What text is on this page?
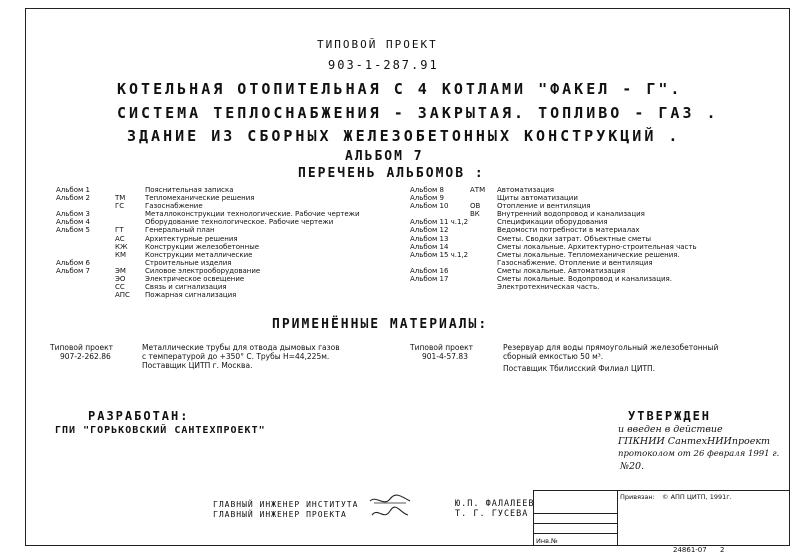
ТИПОВОЙ ПРОЕКТ
903-1-287.91
КОТЕЛЬНАЯ ОТОПИТЕЛЬНАЯ С 4 КОТЛАМИ "ФАКЕЛ - Г".
СИСТЕМА ТЕПЛОСНАБЖЕНИЯ - ЗАКРЫТАЯ. ТОПЛИВО - ГАЗ .
ЗДАНИЕ ИЗ СБОРНЫХ ЖЕЛЕЗОБЕТОННЫХ КОНСТРУКЦИЙ .
АЛЬБОМ 7
ПЕРЕЧЕНЬ АЛЬБОМОВ :
Альбом 1
Альбом 2
Альбом 3
Альбом 4
Альбом 5
Альбом 6
Альбом 7
ТМ
ГС
ГТ
АС
КЖ
КМ
ЭМ
ЭО
СС
АПС
Пояснительная записка
Тепломеханические решения
Газоснабжение
Металлоконструкции технологические. Рабочие чертежи
Оборудование технологическое. Рабочие чертежи
Генеральный план
Архитектурные решения
Конструкции железобетонные
Конструкции металлические
Строительные изделия
Силовое электрооборудование
Электрическое освещение
Связь и сигнализация
Пожарная сигнализация
Альбом 8
Альбом 9
Альбом 10
Альбом 11 ч.1,2
Альбом 12
Альбом 13
Альбом 14
Альбом 15 ч.1,2
Альбом 16
Альбом 17
АТМ
ОВ
ВК
Автоматизация
Щиты автоматизации
Отопление и вентиляция
Внутренний водопровод и канализация
Спецификации оборудования
Ведомости потребности в материалах
Сметы. Сводки затрат. Объектные сметы
Сметы локальные. Архитектурно-строительная часть
Сметы локальные. Тепломеханические решения.
Газоснабжение. Отопление и вентиляция
Сметы локальные. Автоматизация
Сметы локальные. Водопровод и канализация.
Электротехническая часть.
ПРИМЕНЁННЫЕ МАТЕРИАЛЫ:
Типовой проект
907-2-262.86
Металлические трубы для отвода дымовых газов
с температурой до +350° С. Трубы Н=44,225м.
Поставщик ЦИТП г. Москва.
Типовой проект
901-4-57.83
Резервуар для воды прямоугольный железобетонный
сборный емкостью 50 м³.
Поставщик Тбилисский Филиал ЦИТП.
РАЗРАБОТАН:
ГПИ "ГОРЬКОВСКИЙ САНТЕХПРОЕКТ"
УТВЕРЖДЕН
и введен в действие
ГПКНИИ СантехНИИпроект
протоколом от 26 февраля 1991 г.
№20.
ГЛАВНЫЙ ИНЖЕНЕР ИНСТИТУТА
ГЛАВНЫЙ ИНЖЕНЕР ПРОЕКТА
Ю.П. ФАЛАЛЕЕВ
Т. Г. ГУСЕВА
Привязан: © АПП ЦИТП, 1991г.
Инв.№
24861-07 2
